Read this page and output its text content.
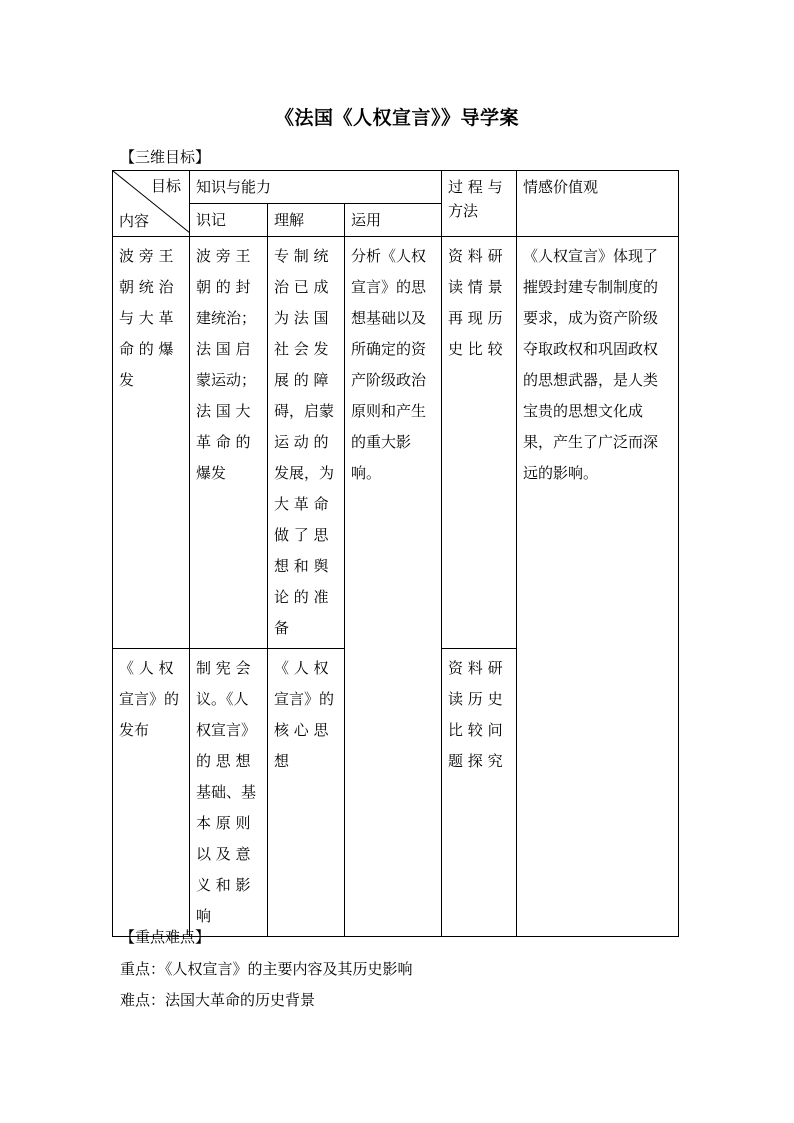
《法国《人权宣言》》导学案
【三维目标】
目标
内容	知识与能力			过 程 与 方法	情感价值观
	识记	理解	运用		
波 旁 王 朝 统 治 与 大 革 命 的 爆 发	波 旁 王 朝 的 封 建统治；法 国 启 蒙运动；法 国 大 革 命 的 爆发	专 制 统 治 已 成 为 法 国 社 会 发 展 的 障 碍，启蒙 运 动 的 发展，为 大 革 命 做 了 思 想 和 舆 论 的 准 备	分析《人权宣言》的思想基础以及所确定的资产阶级政治原则和产生的重大影响。	资 料 研 读 情 景 再 现 历 史 比 较	《人权宣言》体现了摧毁封建专制制度的要求，成为资产阶级夺取政权和巩固政权的思想武器，是人类宝贵的思想文化成果，产生了广泛而深远的影响。
《 人 权 宣言》的 发布	制 宪 会 议。《人 权宣言》 的 思 想 基础、基 本 原 则 以 及 意 义 和 影 响	《 人 权 宣言》的 核 心 思 想		资 料 研 读 历 史 比 较 问 题 探 究	
【重点难点】
重点：《人权宣言》的主要内容及其历史影响
难点：法国大革命的历史背景
